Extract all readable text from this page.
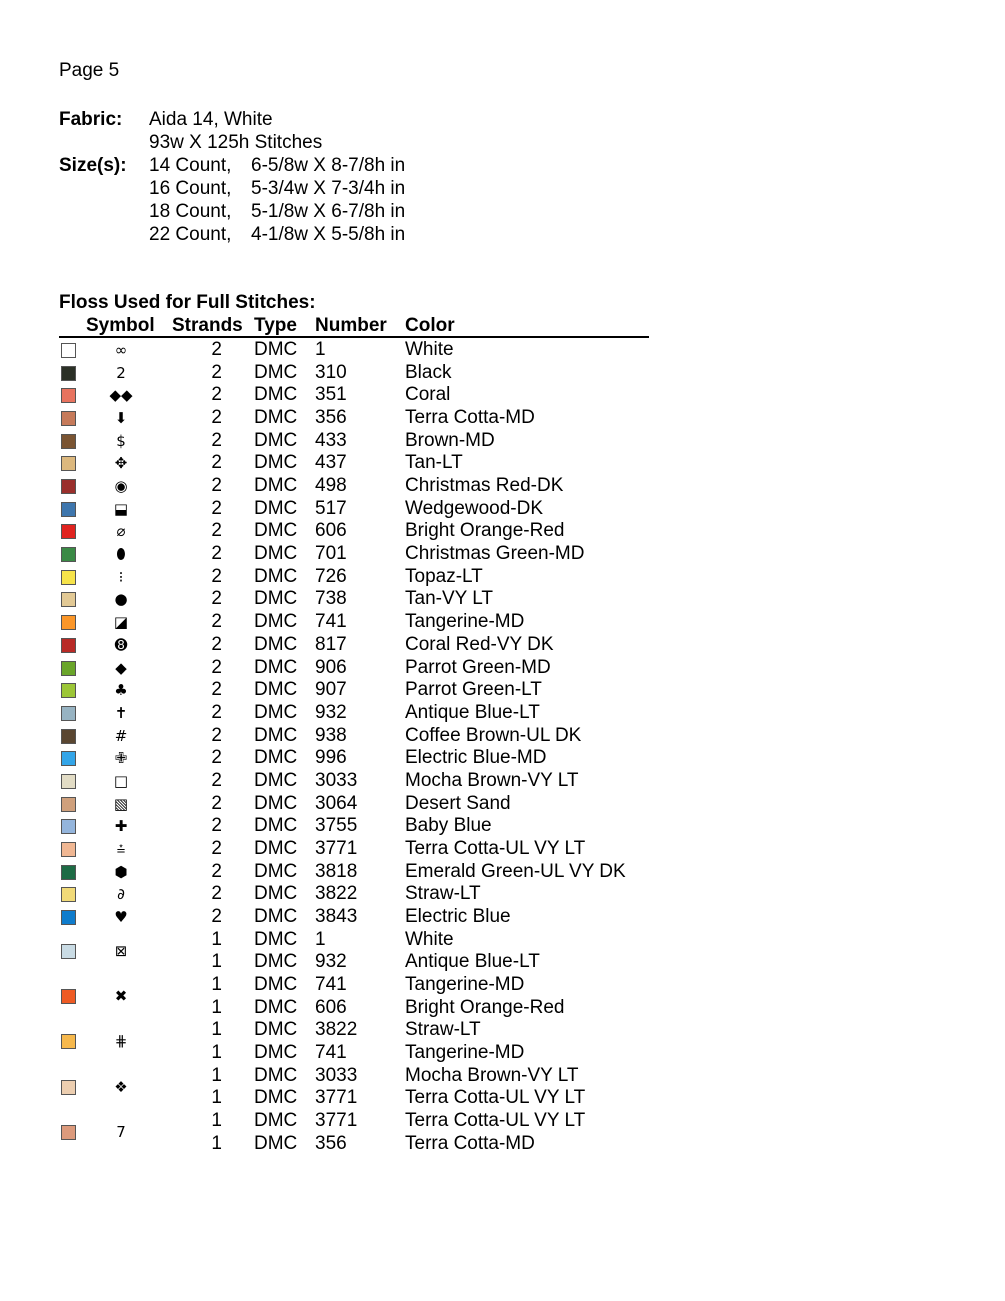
Page 5
Fabric: Aida 14, White
93w X 125h Stitches
Size(s): 14 Count, 6-5/8w X 8-7/8h in
16 Count, 5-3/4w X 7-3/4h in
18 Count, 5-1/8w X 6-7/8h in
22 Count, 4-1/8w X 5-5/8h in
Floss Used for Full Stitches:
Symbol Strands Type Number Color
∞	2 DMC 1	White
2	2 DMC 310	Black
◆◆	2 DMC 351	Coral
⬇	2 DMC 356	Terra Cotta-MD
$	2 DMC 433	Brown-MD
✥	2 DMC 437	Tan-LT
◉	2 DMC 498	Christmas Red-DK
⬓	2 DMC 517	Wedgewood-DK
⌀	2 DMC 606	Bright Orange-Red
⬮	2 DMC 701	Christmas Green-MD
⁝	2 DMC 726	Topaz-LT
●	2 DMC 738	Tan-VY LT
◪	2 DMC 741	Tangerine-MD
➑	2 DMC 817	Coral Red-VY DK
◆	2 DMC 906	Parrot Green-MD
♣	2 DMC 907	Parrot Green-LT
✝	2 DMC 932	Antique Blue-LT
#	2 DMC 938	Coffee Brown-UL DK
✙	2 DMC 996	Electric Blue-MD
□	2 DMC 3033	Mocha Brown-VY LT
▧	2 DMC 3064	Desert Sand
✚	2 DMC 3755	Baby Blue
⩮	2 DMC 3771	Terra Cotta-UL VY LT
⬢	2 DMC 3818	Emerald Green-UL VY DK
∂	2 DMC 3822	Straw-LT
♥	2 DMC 3843	Electric Blue
⊠
1 DMC 1	White
1 DMC 932	Antique Blue-LT
✖
1 DMC 741	Tangerine-MD
1 DMC 606	Bright Orange-Red
⋕
1 DMC 3822	Straw-LT
1 DMC 741	Tangerine-MD
❖
1 DMC 3033	Mocha Brown-VY LT
1 DMC 3771	Terra Cotta-UL VY LT
7
1 DMC 3771	Terra Cotta-UL VY LT
1 DMC 356	Terra Cotta-MD
